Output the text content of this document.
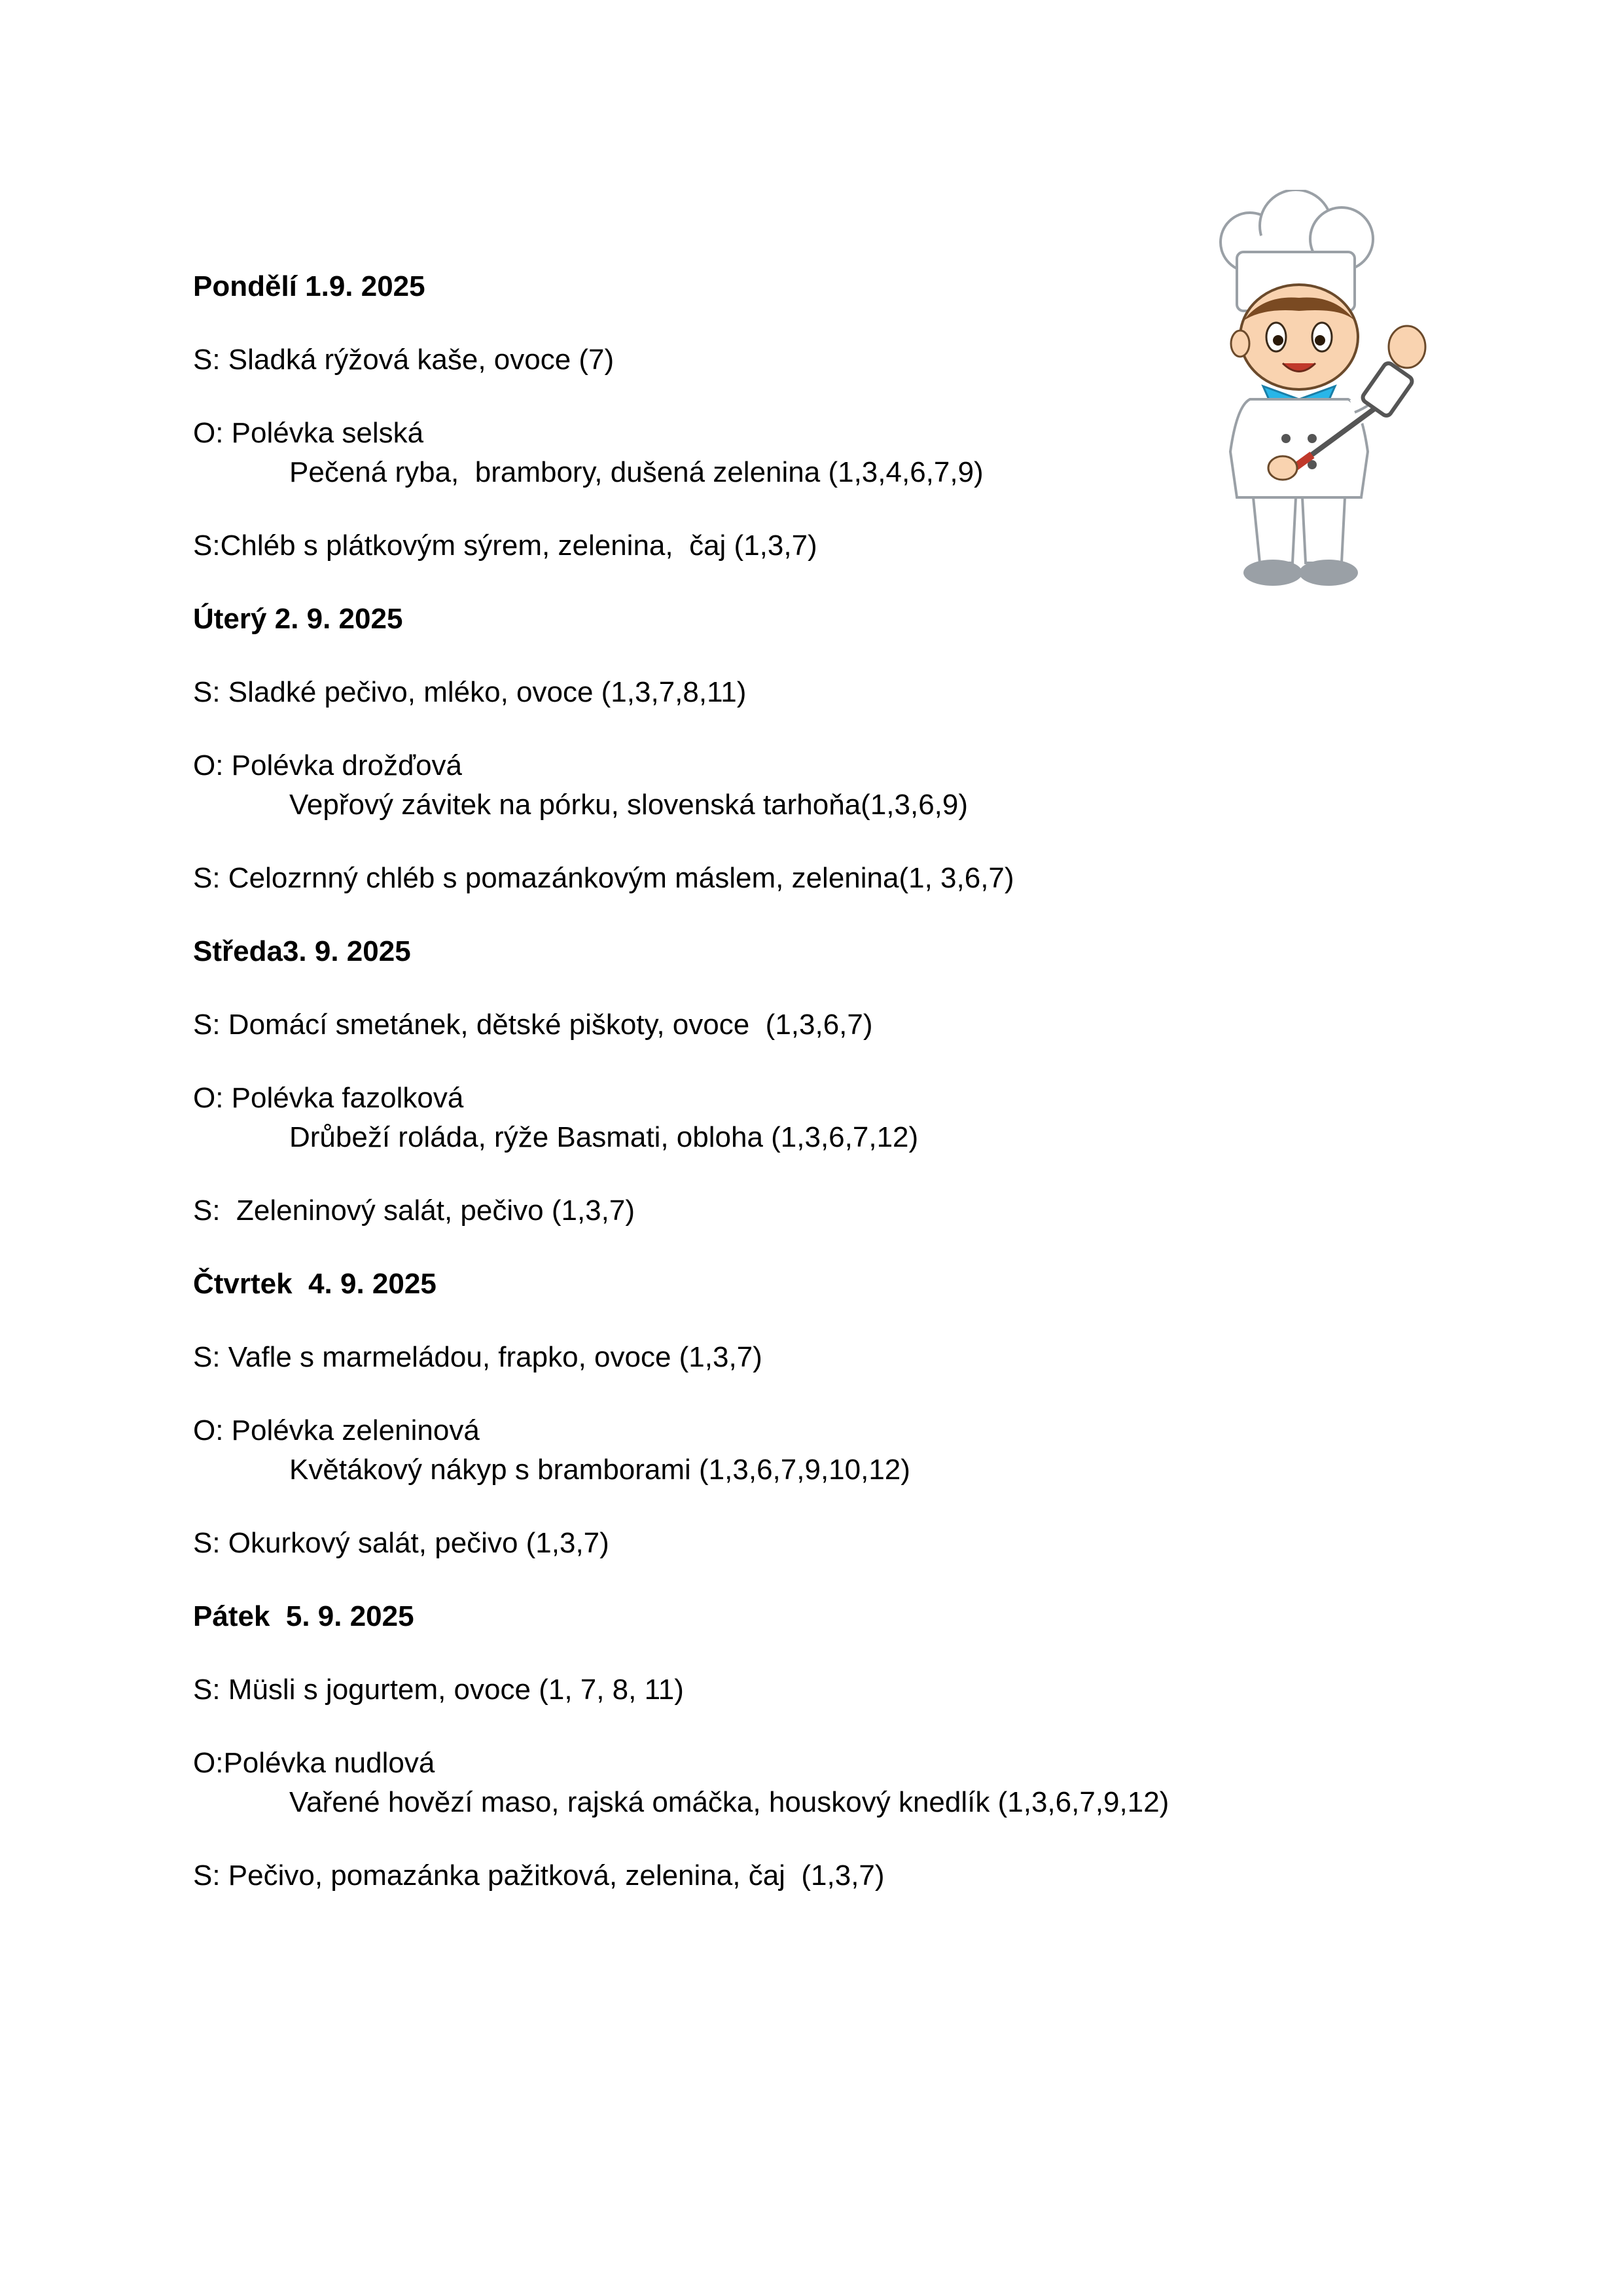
Pondělí 1.9. 2025
S: Sladká rýžová kaše, ovoce (7)
O: Polévka selská
Pečená ryba,  brambory, dušená zelenina (1,3,4,6,7,9)
S:Chléb s plátkovým sýrem, zelenina,  čaj (1,3,7)
Úterý 2. 9. 2025
S: Sladké pečivo, mléko, ovoce (1,3,7,8,11)
O: Polévka drožďová
Vepřový závitek na pórku, slovenská tarhoňa(1,3,6,9)
S: Celozrnný chléb s pomazánkovým máslem, zelenina(1, 3,6,7)
Středa3. 9. 2025
S: Domácí smetánek, dětské piškoty, ovoce  (1,3,6,7)
O: Polévka fazolková
Drůbeží roláda, rýže Basmati, obloha (1,3,6,7,12)
S:  Zeleninový salát, pečivo (1,3,7)
Čtvrtek  4. 9. 2025
S: Vafle s marmeládou, frapko, ovoce (1,3,7)
O: Polévka zeleninová
Květákový nákyp s bramborami (1,3,6,7,9,10,12)
S: Okurkový salát, pečivo (1,3,7)
Pátek  5. 9. 2025
S: Müsli s jogurtem, ovoce (1, 7, 8, 11)
O:Polévka nudlová
Vařené hovězí maso, rajská omáčka, houskový knedlík (1,3,6,7,9,12)
S: Pečivo, pomazánka pažitková, zelenina, čaj  (1,3,7)
